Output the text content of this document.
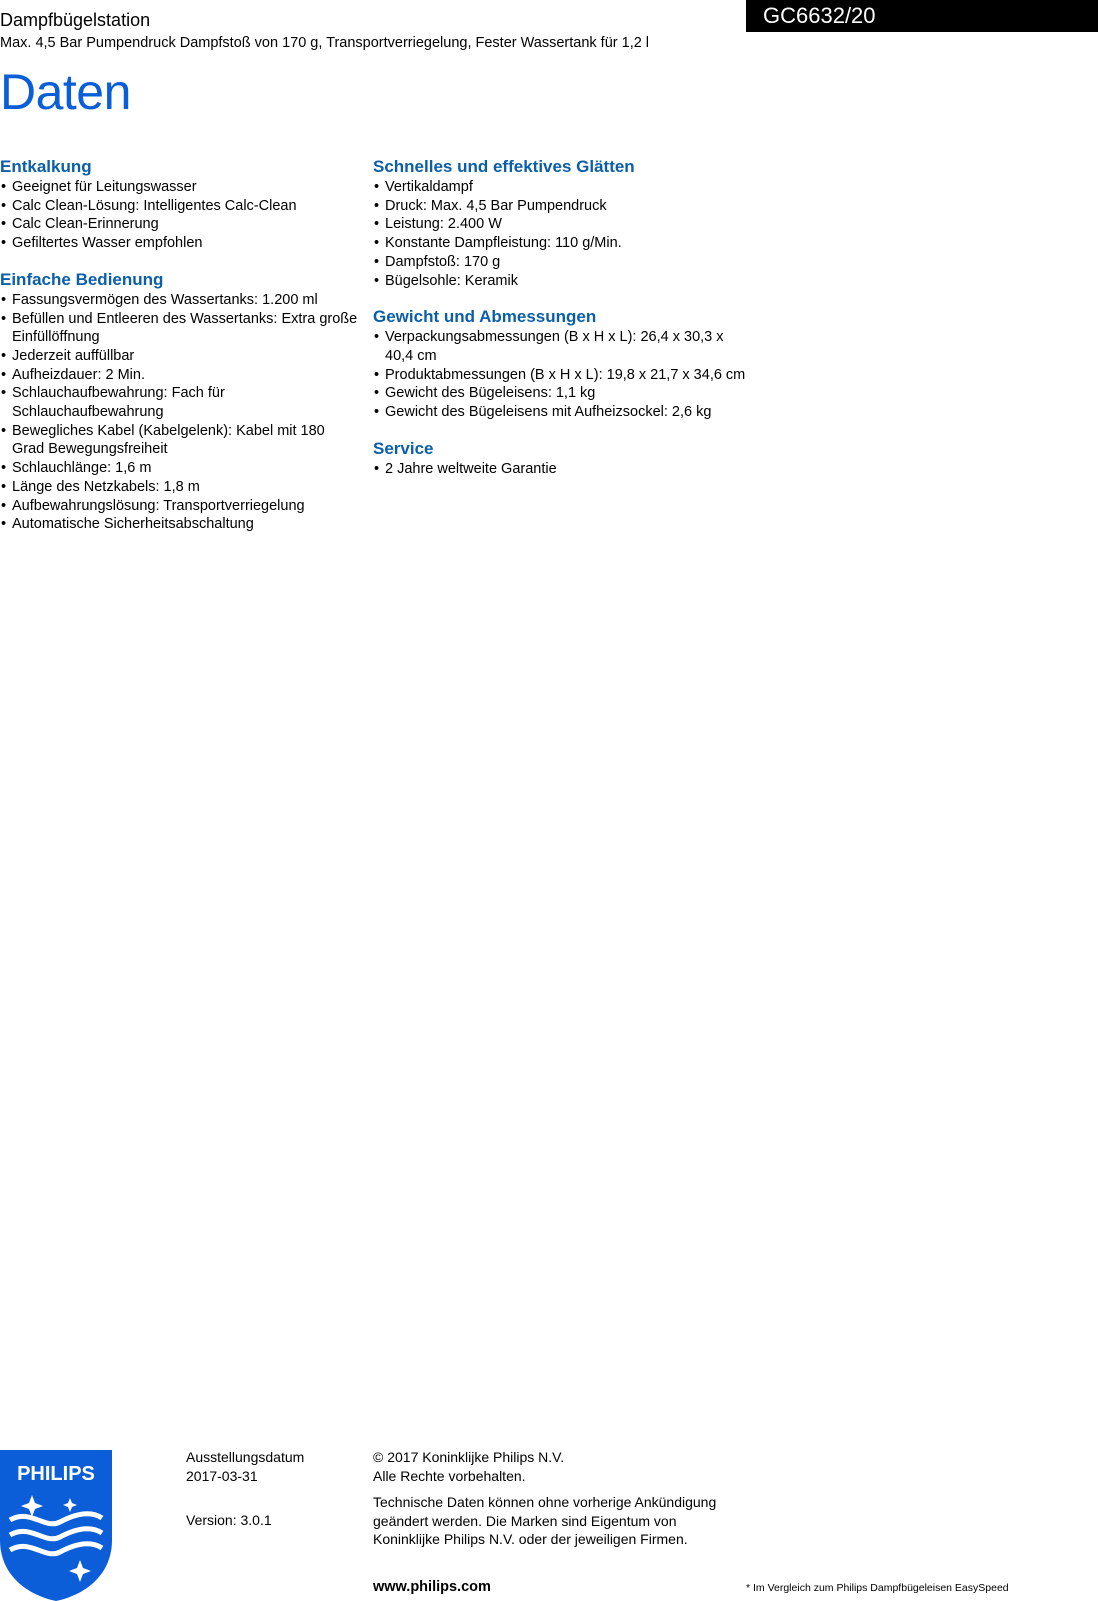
Dampfbügelstation
Max. 4,5 Bar Pumpendruck Dampfstoß von 170 g, Transportverriegelung, Fester Wassertank für 1,2 l
GC6632/20
Daten
Entkalkung
• Geeignet für Leitungswasser
• Calc Clean-Lösung: Intelligentes Calc-Clean
• Calc Clean-Erinnerung
• Gefiltertes Wasser empfohlen
Einfache Bedienung
• Fassungsvermögen des Wassertanks: 1.200 ml
• Befüllen und Entleeren des Wassertanks: Extra große Einfüllöffnung
• Jederzeit auffüllbar
• Aufheizdauer: 2 Min.
• Schlauchaufbewahrung: Fach für Schlauchaufbewahrung
• Bewegliches Kabel (Kabelgelenk): Kabel mit 180 Grad Bewegungsfreiheit
• Schlauchlänge: 1,6 m
• Länge des Netzkabels: 1,8 m
• Aufbewahrungslösung: Transportverriegelung
• Automatische Sicherheitsabschaltung
Schnelles und effektives Glätten
• Vertikaldampf
• Druck: Max. 4,5 Bar Pumpendruck
• Leistung: 2.400 W
• Konstante Dampfleistung: 110 g/Min.
• Dampfstoß: 170 g
• Bügelsohle: Keramik
Gewicht und Abmessungen
• Verpackungsabmessungen (B x H x L): 26,4 x 30,3 x 40,4 cm
• Produktabmessungen (B x H x L): 19,8 x 21,7 x 34,6 cm
• Gewicht des Bügeleisens: 1,1 kg
• Gewicht des Bügeleisens mit Aufheizsockel: 2,6 kg
Service
• 2 Jahre weltweite Garantie
PHILIPS
Ausstellungsdatum
2017-03-31
Version: 3.0.1
© 2017 Koninklijke Philips N.V.
Alle Rechte vorbehalten.
Technische Daten können ohne vorherige Ankündigung geändert werden. Die Marken sind Eigentum von Koninklijke Philips N.V. oder der jeweiligen Firmen.
www.philips.com	* Im Vergleich zum Philips Dampfbügeleisen EasySpeed
